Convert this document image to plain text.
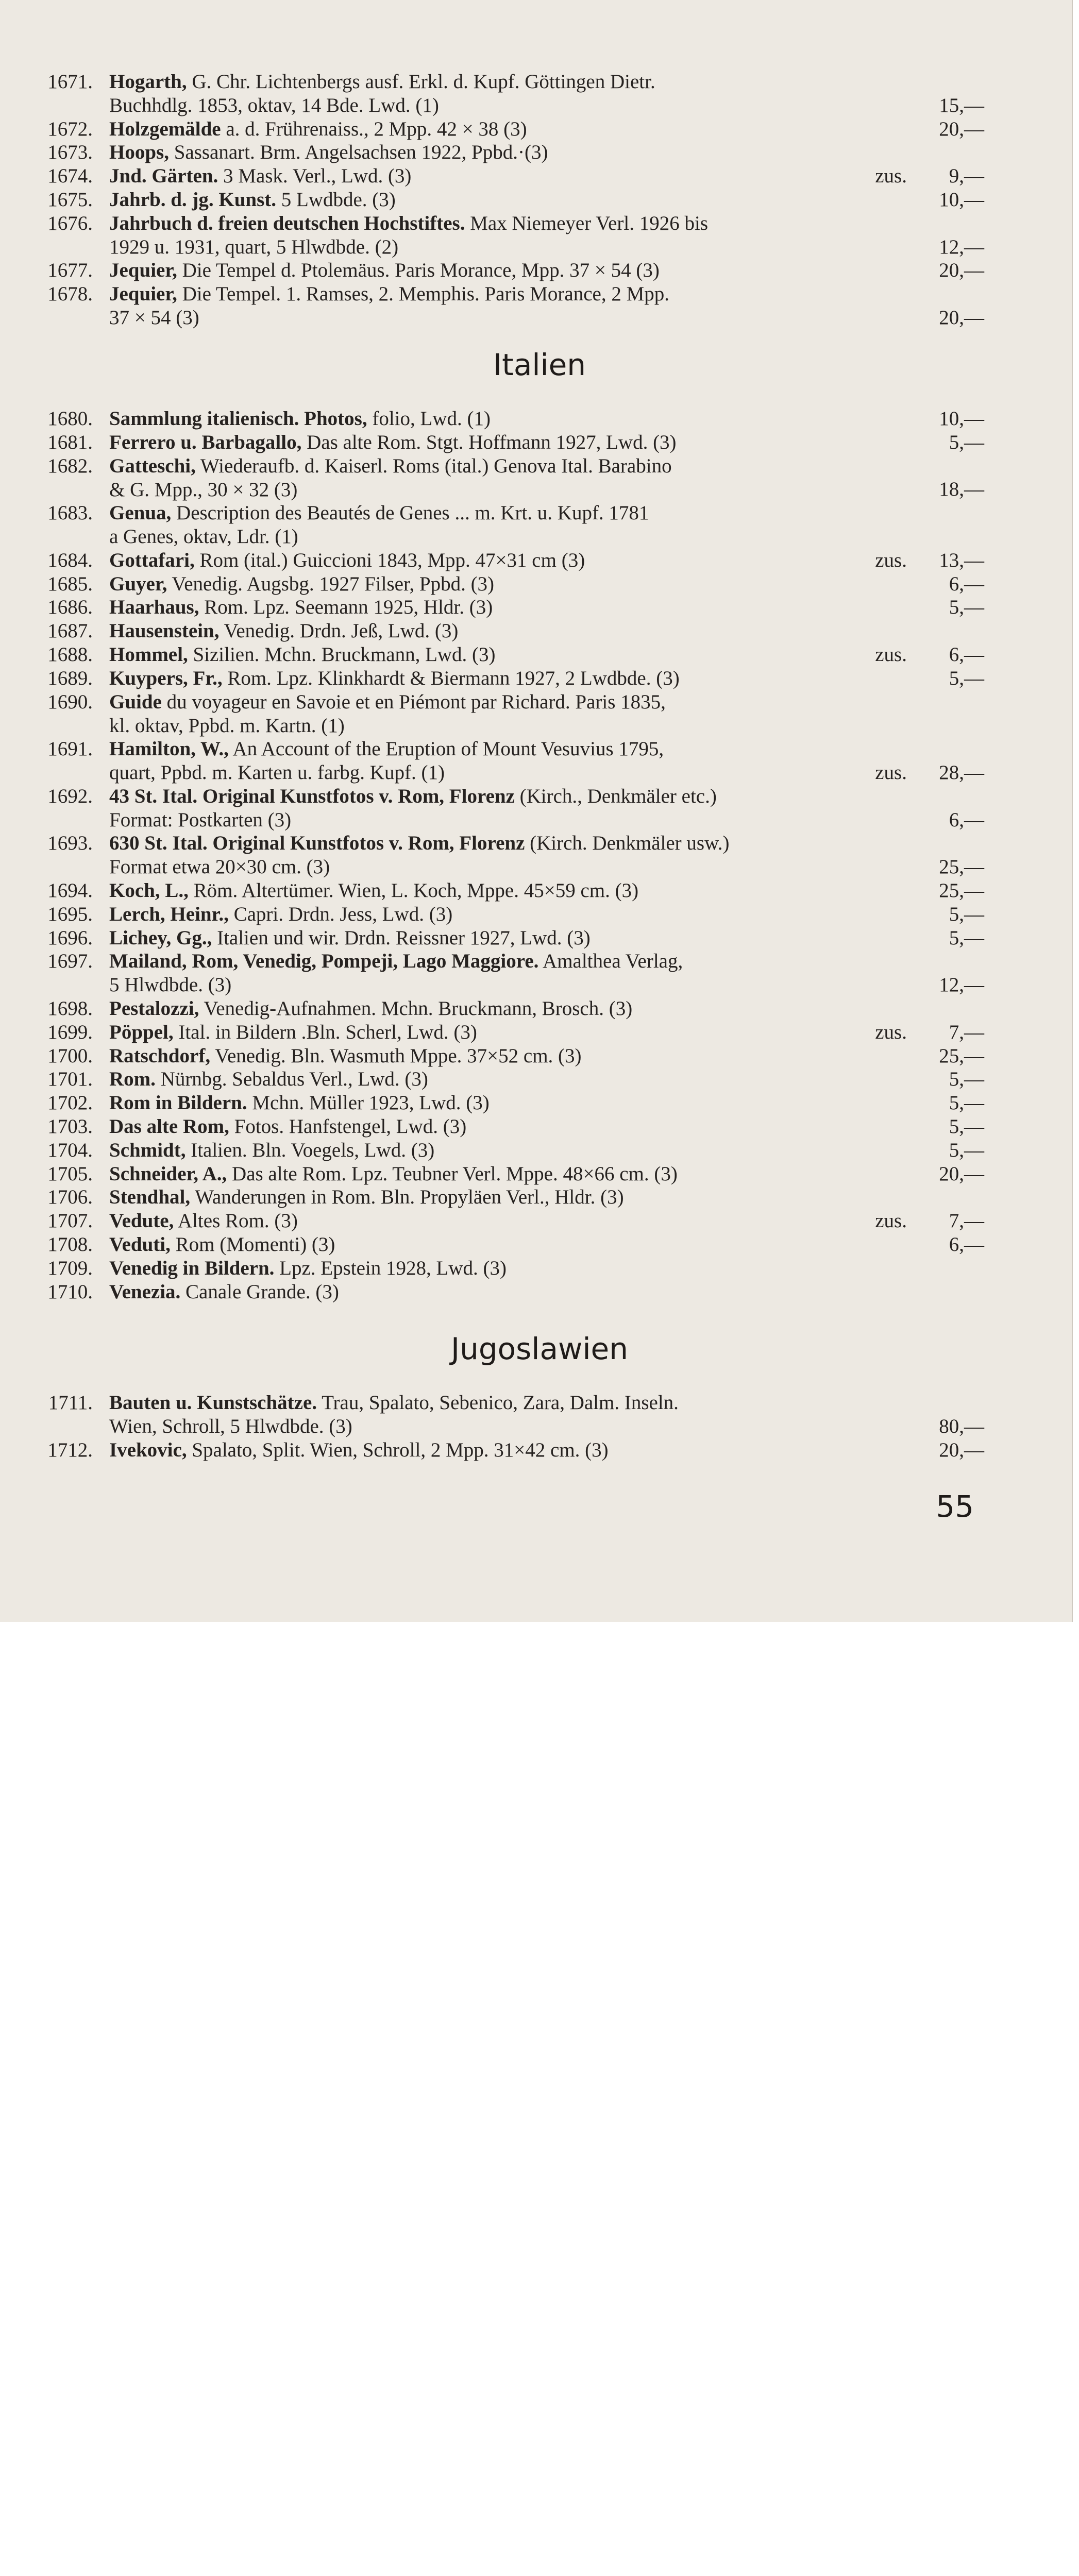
1671. Hogarth, G. Chr. Lichtenbergs ausf. Erkl. d. Kupf. Göttingen Dietr.
Buchhdlg. 1853, oktav, 14 Bde. Lwd. (1)	15,—
1672. Holzgemälde a. d. Frührenaiss., 2 Mpp. 42 × 38 (3)	20,—
1673. Hoops, Sassanart. Brm. Angelsachsen 1922, Ppbd.·(3)
1674. Jnd. Gärten. 3 Mask. Verl., Lwd. (3)	zus.	9,—
1675. Jahrb. d. jg. Kunst. 5 Lwdbde. (3)	10,—
1676. Jahrbuch d. freien deutschen Hochstiftes. Max Niemeyer Verl. 1926 bis
1929 u. 1931, quart, 5 Hlwdbde. (2)	12,—
1677. Jequier, Die Tempel d. Ptolemäus. Paris Morance, Mpp. 37 × 54 (3)	20,—
1678. Jequier, Die Tempel. 1. Ramses, 2. Memphis. Paris Morance, 2 Mpp.
37 × 54 (3)	20,—
Italien
1680. Sammlung italienisch. Photos, folio, Lwd. (1)	10,—
1681. Ferrero u. Barbagallo, Das alte Rom. Stgt. Hoffmann 1927, Lwd. (3)	5,—
1682. Gatteschi, Wiederaufb. d. Kaiserl. Roms (ital.) Genova Ital. Barabino
& G. Mpp., 30 × 32 (3)	18,—
1683. Genua, Description des Beautés de Genes ... m. Krt. u. Kupf. 1781
a Genes, oktav, Ldr. (1)
1684. Gottafari, Rom (ital.) Guiccioni 1843, Mpp. 47×31 cm (3)	zus.	13,—
1685. Guyer, Venedig. Augsbg. 1927 Filser, Ppbd. (3)	6,—
1686. Haarhaus, Rom. Lpz. Seemann 1925, Hldr. (3)	5,—
1687. Hausenstein, Venedig. Drdn. Jeß, Lwd. (3)
1688. Hommel, Sizilien. Mchn. Bruckmann, Lwd. (3)	zus.	6,—
1689. Kuypers, Fr., Rom. Lpz. Klinkhardt & Biermann 1927, 2 Lwdbde. (3)	5,—
1690. Guide du voyageur en Savoie et en Piémont par Richard. Paris 1835,
kl. oktav, Ppbd. m. Kartn. (1)
1691. Hamilton, W., An Account of the Eruption of Mount Vesuvius 1795,
quart, Ppbd. m. Karten u. farbg. Kupf. (1)	zus.	28,—
1692. 43 St. Ital. Original Kunstfotos v. Rom, Florenz (Kirch., Denkmäler etc.)
Format: Postkarten (3)	6,—
1693. 630 St. Ital. Original Kunstfotos v. Rom, Florenz (Kirch. Denkmäler usw.)
Format etwa 20×30 cm. (3)	25,—
1694. Koch, L., Röm. Altertümer. Wien, L. Koch, Mppe. 45×59 cm. (3)	25,—
1695. Lerch, Heinr., Capri. Drdn. Jess, Lwd. (3)	5,—
1696. Lichey, Gg., Italien und wir. Drdn. Reissner 1927, Lwd. (3)	5,—
1697. Mailand, Rom, Venedig, Pompeji, Lago Maggiore. Amalthea Verlag,
5 Hlwdbde. (3)	12,—
1698. Pestalozzi, Venedig-Aufnahmen. Mchn. Bruckmann, Brosch. (3)
1699. Pöppel, Ital. in Bildern .Bln. Scherl, Lwd. (3)	zus.	7,—
1700. Ratschdorf, Venedig. Bln. Wasmuth Mppe. 37×52 cm. (3)	25,—
1701. Rom. Nürnbg. Sebaldus Verl., Lwd. (3)	5,—
1702. Rom in Bildern. Mchn. Müller 1923, Lwd. (3)	5,—
1703. Das alte Rom, Fotos. Hanfstengel, Lwd. (3)	5,—
1704. Schmidt, Italien. Bln. Voegels, Lwd. (3)	5,—
1705. Schneider, A., Das alte Rom. Lpz. Teubner Verl. Mppe. 48×66 cm. (3)	20,—
1706. Stendhal, Wanderungen in Rom. Bln. Propyläen Verl., Hldr. (3)
1707. Vedute, Altes Rom. (3)	zus.	7,—
1708. Veduti, Rom (Momenti) (3)	6,—
1709. Venedig in Bildern. Lpz. Epstein 1928, Lwd. (3)
1710. Venezia. Canale Grande. (3)
Jugoslawien
1711. Bauten u. Kunstschätze. Trau, Spalato, Sebenico, Zara, Dalm. Inseln.
Wien, Schroll, 5 Hlwdbde. (3)	80,—
1712. Ivekovic, Spalato, Split. Wien, Schroll, 2 Mpp. 31×42 cm. (3)	20,—
55
